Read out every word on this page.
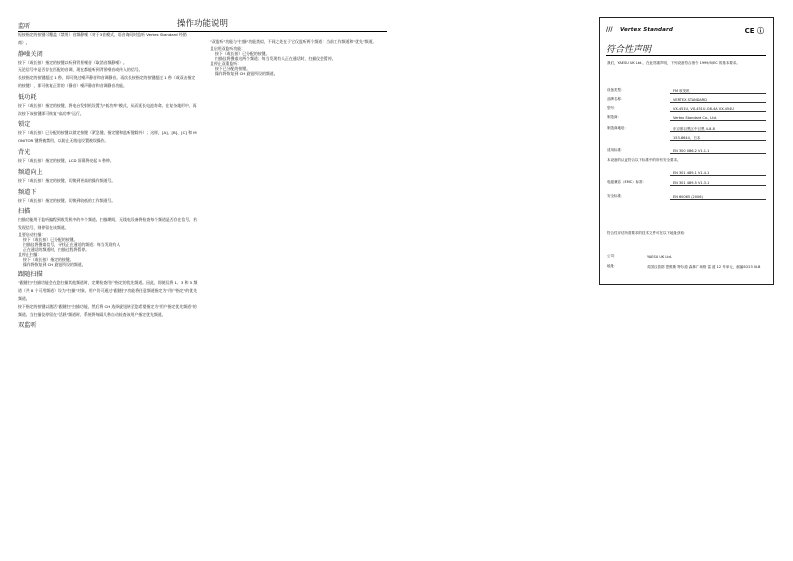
操作功能说明
监听
短按指定的按键可覆盖（禁用）音频静噪（对于3音模式，语音询问时监听 Vertex Standard 经销商）。
静噪关闭
按下（或长按）指定的按键以听到背景噪音（取消音频静噪）。
无论信号中是否存在匹配的音调，现在都能听到背景噪音或传入的信号。
长按指定的按键超过 1 秒，即可绕过噪声静音和音调静音。再次长按指定的按键超过 1 秒（或双击指定的按键），即可恢复正常的（静音）噪声静音和音调静音功能。
低功耗
按下（或长按）指定的按键，将电台发射机设置为"低功率"模式，从而延长电池寿命。在复杂地形中，再次按下该按键即可恢复"高功率"运行。
锁定
按下（或长按）已分配的按键以锁定按键（紧急键、指定键和监听键除外）；这样，[A]、[B]、[C] 和 MONITOR 键将被禁用，以防止无线电设置被误操作。
背光
按下（或长按）指定的按键，LCD 屏幕将亮起 5 秒钟。
频道向上
按下（或长按）指定的按键，切换到更高的操作频道号。
频道下
按下（或长按）指定的按键，切换到较低的工作频道号。
扫描
扫描功能用于监听编程到收发机中的多个频道。扫描期间，无线电设备将检查每个频道是否存在信号，若发现信号，则停留在该频道。
且要启动扫描：
按下（或长按）已分配的按键。
扫描仪将搜索信号，寻找正在通话的频道；每当发现有人
正在通话的频道时，扫描过程将暂停。
且停止扫描：
按下（或长按）指定的按键。
操作将恢复到 CH 旋钮所设的频道。
跟随扫描
"跟随扫"扫描功能会在您扫描其他频道时，定期检查用户指定的优先频道。因此，即使仅将 1、3 和 5 频道（共 8 个可用频道）设为"扫描"对象，用户仍可通过"跟随扫"功能将任意频道指定为"用户指定"的优先频道。
按下指定的按键以激活"跟随扫"扫描功能，然后将 CH 选择旋钮转至您希望指定为"用户指定优先频道"的频道。当扫描仪停留在"活跃"频道时，系统将每隔几秒自动检查该用户指定优先频道。
双监听
"双监听"功能与"扫描"功能类似，不同之处在于它仅监听两个频道：当前工作频道和"优先"频道。
且启用双监听功能：
按下（或长按）已分配的按键。
扫描仪将搜索这两个频道；每当发现有人正在通话时，扫描仪会暂停。
且停止双重监听：
按下已分配的按键。
操作将恢复到 CH 旋钮所设的频道。
/// Vertex Standard	CE ⓘ
符合性声明
我们，YAESU UK Ltd.，在此郑重声明，下列设备符合指令 1999/5/EC 的基本要求。
设备类型：	FM 收发机
品牌名称：	VERTEX STANDARD
型号：	VX-451U, VX-451U-G6-4A VX-454U
制造商：	Vertex Standard Co., Ltd.
制造商地址：	东京都目黑区中目黑 4-8-8
153-8644，日本
适用标准：	EN 300 086-2 V1.1.1
本设备的认证符合以下标准中的所有安全要求。
EN 301 489-1 V1.4.1
电磁兼容（EMC）标准：	EN 301 489-5 V1.3.1
安全标准：	EN 60065 (2006)
符合性评估所需要求的技术文件可在以下地址获取：
公司：	YAESU UK Ltd.
地址：	英国汉普郡 思维斯 特尔道 森林广场格 雷 道 12 号单元，邮编SO23 0LB
